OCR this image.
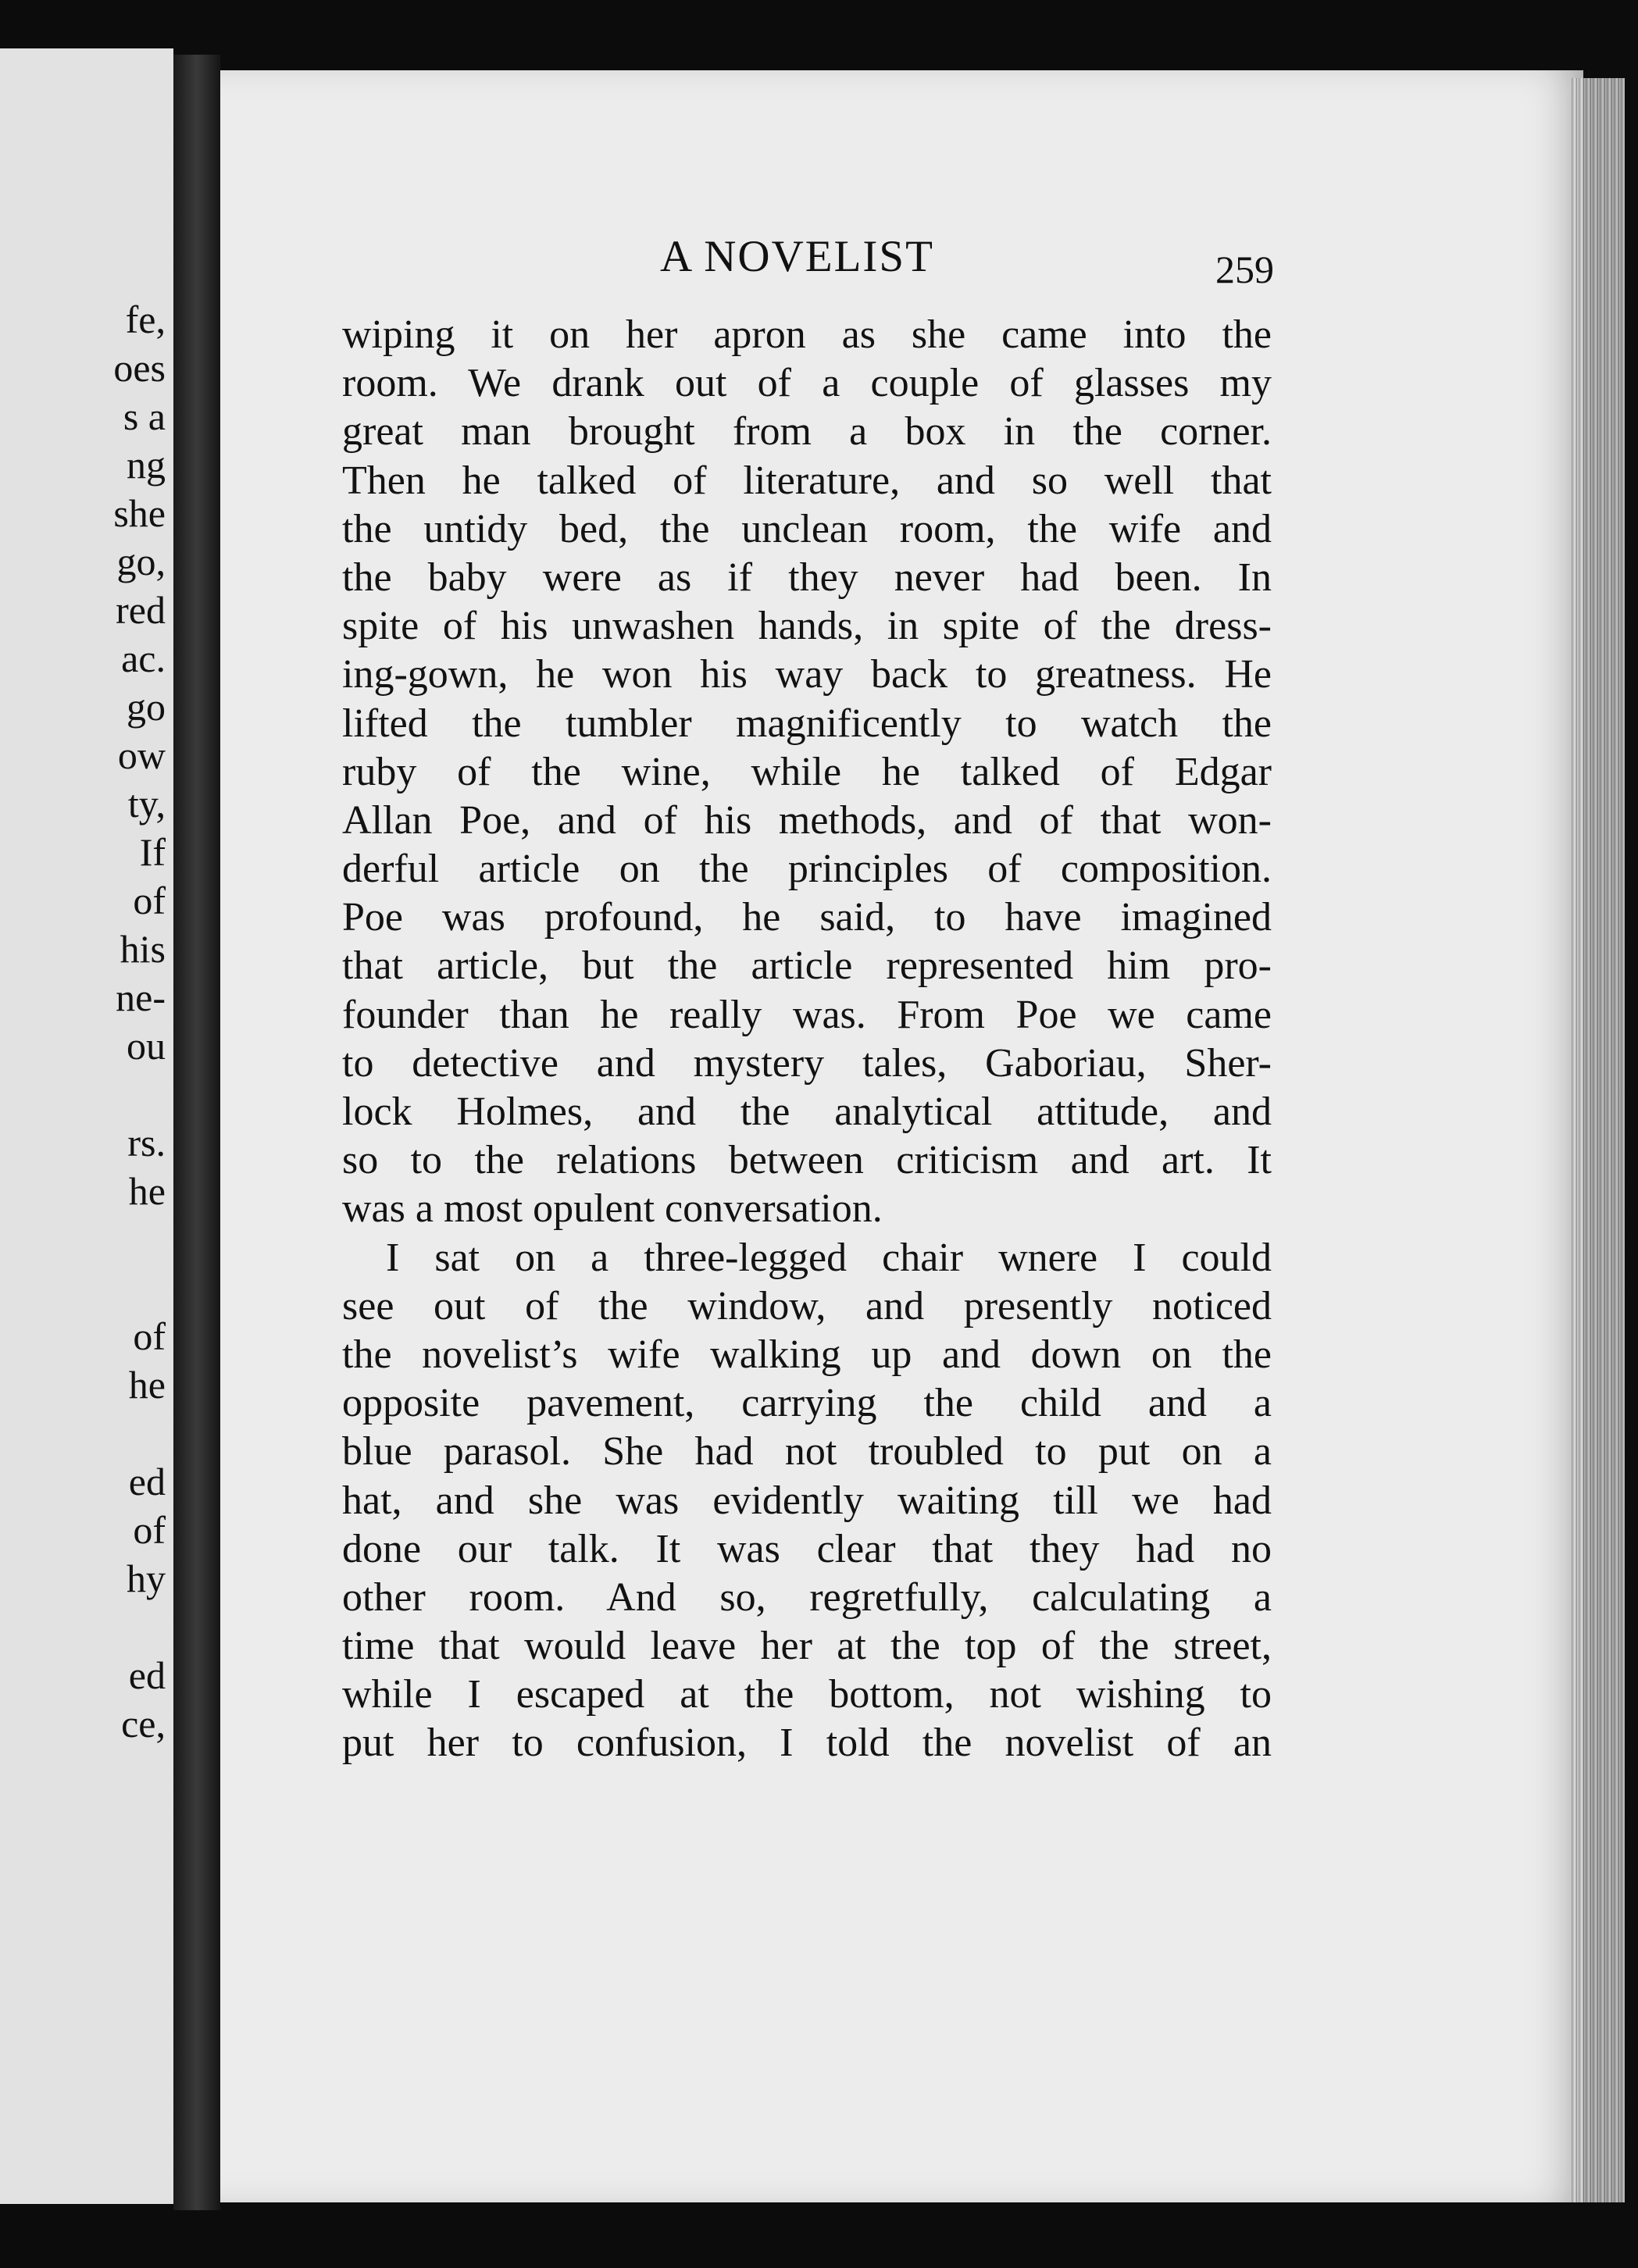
fe,
oes
s a
ng
she
go,
red
ac.
go
ow
ty,
If
of
his
ne-
ou
rs.
he
of
he
ed
of
hy
ed
ce,
A NOVELIST	259
wiping it on her apron as she came into the
room. We drank out of a couple of glasses my
great man brought from a box in the corner.
Then he talked of literature, and so well that
the untidy bed, the unclean room, the wife and
the baby were as if they never had been. In
spite of his unwashen hands, in spite of the dress-
ing-gown, he won his way back to greatness. He
lifted the tumbler magnificently to watch the
ruby of the wine, while he talked of Edgar
Allan Poe, and of his methods, and of that won-
derful article on the principles of composition.
Poe was profound, he said, to have imagined
that article, but the article represented him pro-
founder than he really was. From Poe we came
to detective and mystery tales, Gaboriau, Sher-
lock Holmes, and the analytical attitude, and
so to the relations between criticism and art. It
was a most opulent conversation.
I sat on a three-legged chair wnere I could
see out of the window, and presently noticed
the novelist’s wife walking up and down on the
opposite pavement, carrying the child and a
blue parasol. She had not troubled to put on a
hat, and she was evidently waiting till we had
done our talk. It was clear that they had no
other room. And so, regretfully, calculating a
time that would leave her at the top of the street,
while I escaped at the bottom, not wishing to
put her to confusion, I told the novelist of an
